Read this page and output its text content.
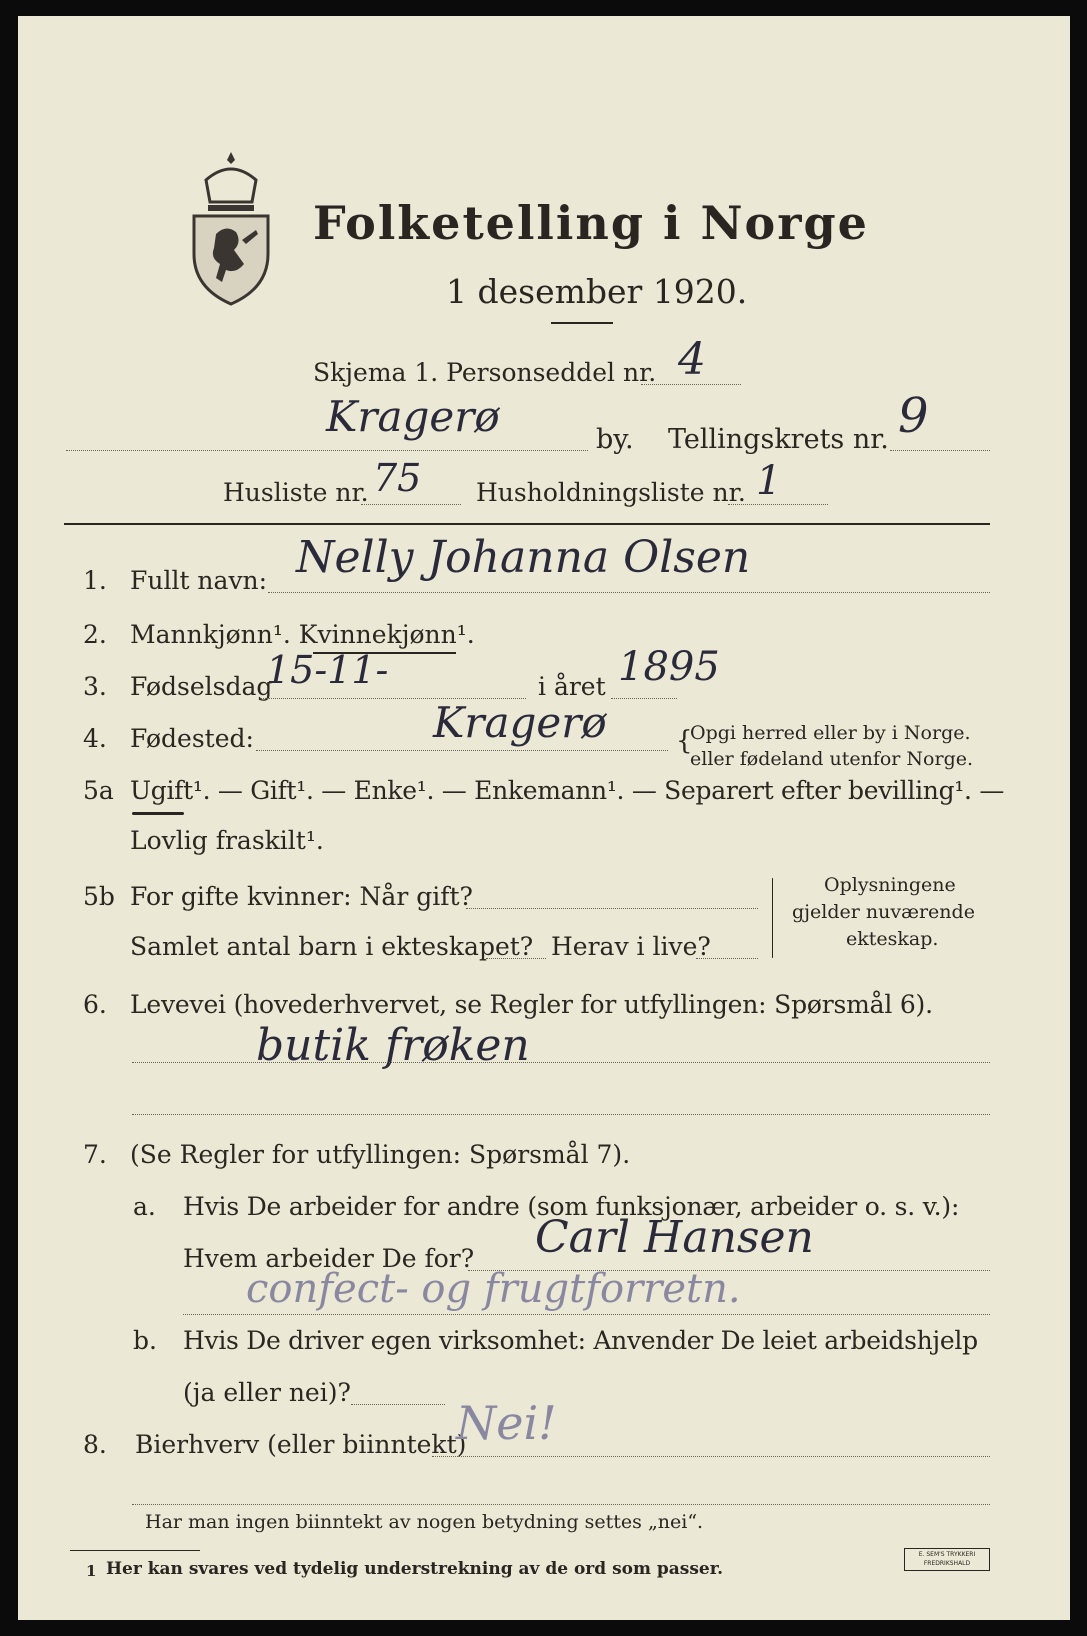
Folketelling i Norge
1 desember 1920.
Skjema 1. Personseddel nr. 4
Kragerø	by. Tellingskrets nr. 9
Husliste nr. 75 Husholdningsliste nr. 1
1. Fullt navn: Nelly Johanna Olsen
2. Mannkjønn¹. Kvinnekjønn¹.
3. Fødselsdag
15-11-	i året 1895
4. Fødested:	Kragerø	{
Opgi herred eller by i Norge.
eller fødeland utenfor Norge.
5a Ugift¹. — Gift¹. — Enke¹. — Enkemann¹. — Separert efter bevilling¹. —
Lovlig fraskilt¹.
5b For gifte kvinner: Når gift?
Samlet antal barn i ekteskapet? Herav i live?
Oplysningene
gjelder nuværende
ekteskap.
6. Levevei (hovederhvervet, se Regler for utfyllingen: Spørsmål 6).
butik frøken
7. (Se Regler for utfyllingen: Spørsmål 7).
a. Hvis De arbeider for andre (som funksjonær, arbeider o. s. v.):
Hvem arbeider De for? Carl Hansen
confect- og frugtforretn.
b. Hvis De driver egen virksomhet: Anvender De leiet arbeidshjelp
(ja eller nei)?
8. Bierhverv (eller biinntekt)
Nei!
Har man ingen biinntekt av nogen betydning settes „nei“.
1 Her kan svares ved tydelig understrekning av de ord som passer.
E. SEM'S TRYKKERI FREDRIKSHALD
